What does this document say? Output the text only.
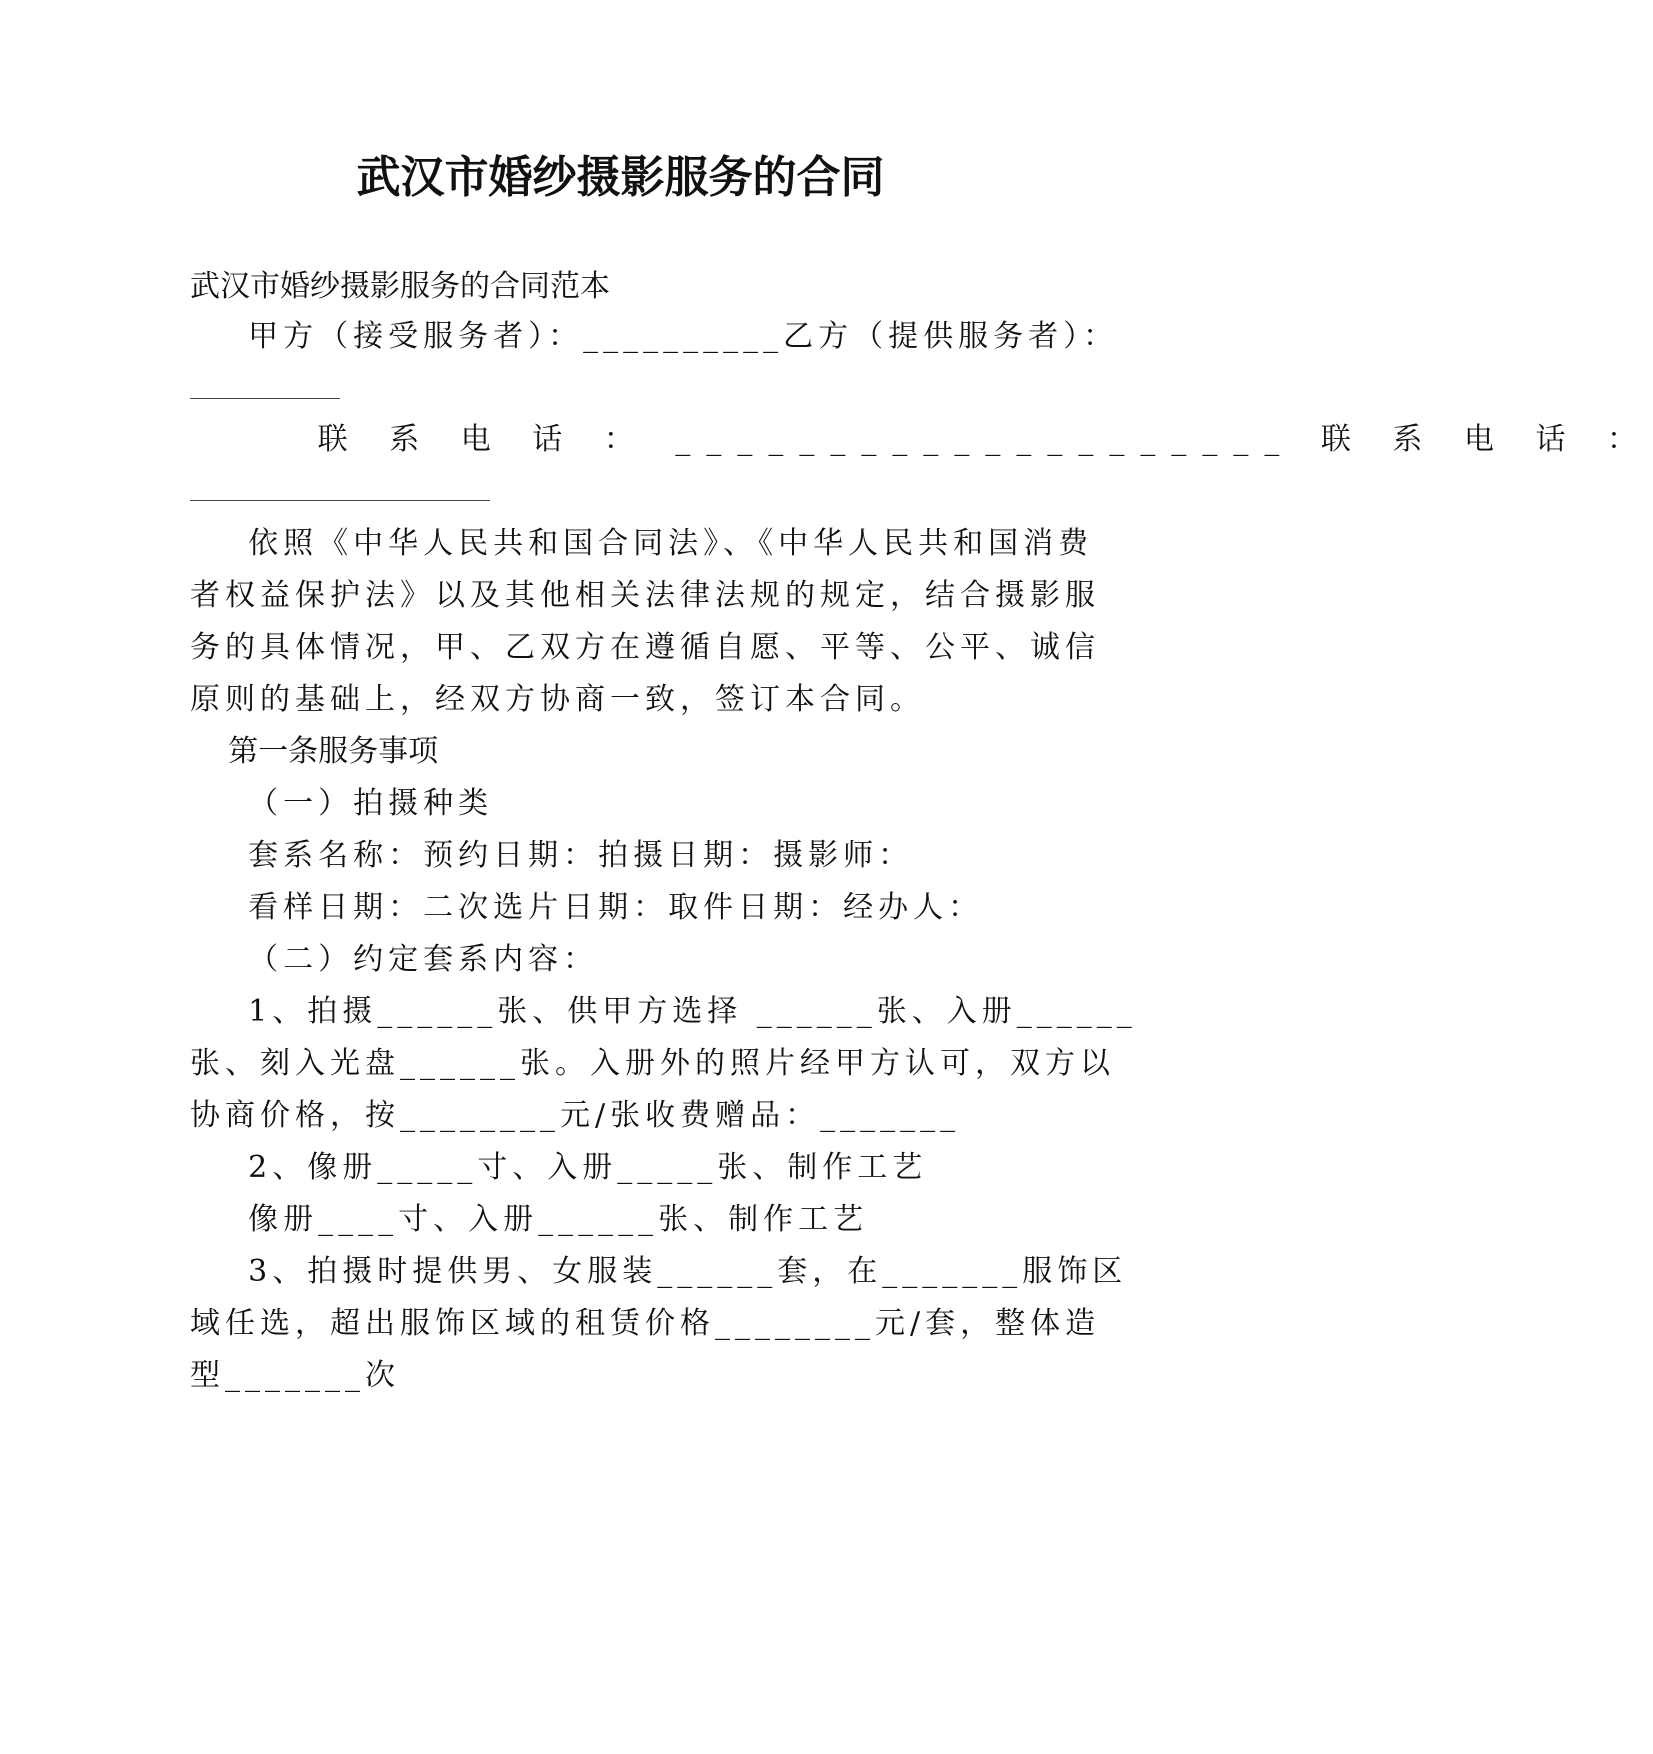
武汉市婚纱摄影服务的合同

武汉市婚纱摄影服务的合同范本

甲方（接受服务者）：__________乙方（提供服务者）：

联 系 电 话 ： ____________________ 联 系 电 话 ：

依照《中华人民共和国合同法》、《中华人民共和国消费

者权益保护法》以及其他相关法律法规的规定，结合摄影服

务的具体情况，甲、乙双方在遵循自愿、平等、公平、诚信

原则的基础上，经双方协商一致，签订本合同。

第一条服务事项

（一）拍摄种类

套系名称：预约日期：拍摄日期：摄影师：

看样日期：二次选片日期：取件日期：经办人：

（二）约定套系内容：

1、拍摄______张、供甲方选择 ______张、入册______

张、刻入光盘______张。入册外的照片经甲方认可，双方以

协商价格，按________元/张收费赠品：_______

2、像册_____寸、入册_____张、制作工艺

像册____寸、入册______张、制作工艺

3、拍摄时提供男、女服装______套，在_______服饰区

域任选，超出服饰区域的租赁价格________元/套，整体造

型_______次
